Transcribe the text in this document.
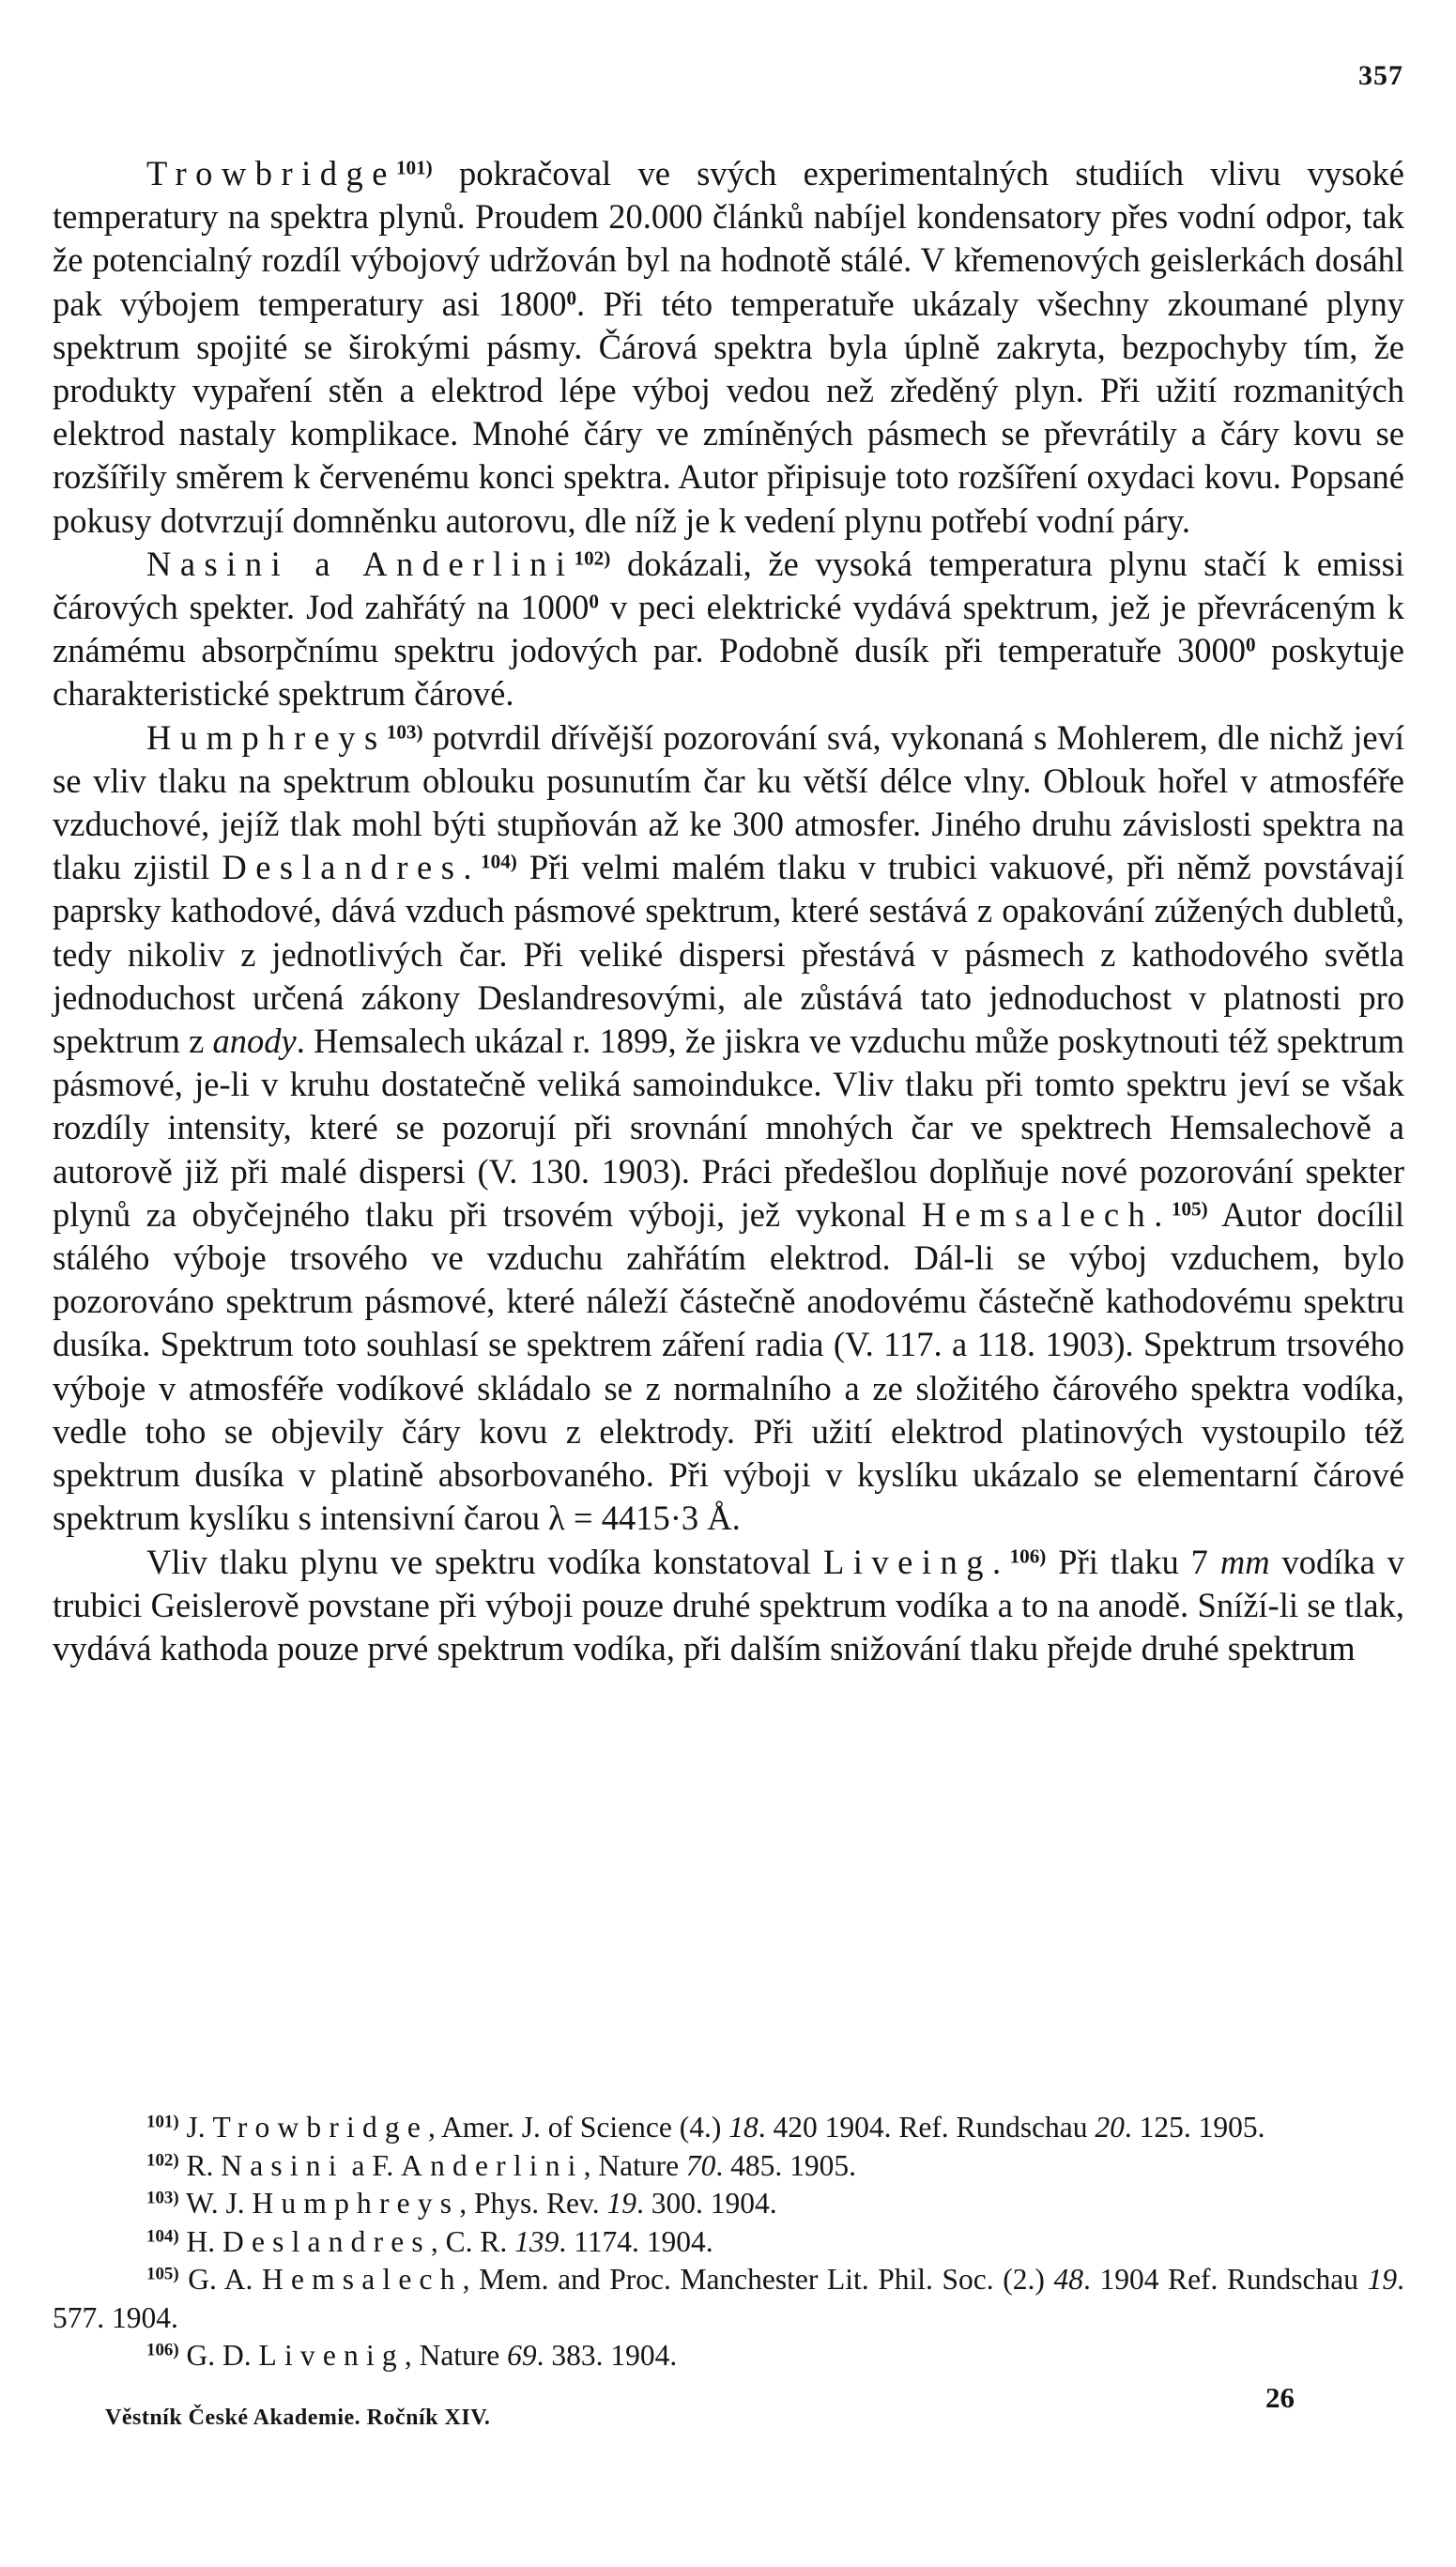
357

Trowbridge$^{101)}$ pokračoval ve svých experimentalných studiích vlivu vysoké temperatury na spektra plynů. Proudem 20.000 článků nabíjel kondensatory přes vodní odpor, tak že potencialný rozdíl výbojový udržován byl na hodnotě stálé. V křemenových geislerkách dosáhl pak výbojem temperatury asi 1800$^0$. Při této temperatuře ukázaly všechny zkoumané plyny spektrum spojité se širokými pásmy. Čárová spektra byla úplně zakryta, bezpochyby tím, že produkty vypaření stěn a elektrod lépe výboj vedou než zředěný plyn. Při užití rozmanitých elektrod nastaly komplikace. Mnohé čáry ve zmíněných pásmech se převrátily a čáry kovu se rozšířily směrem k červenému konci spektra. Autor připisuje toto rozšíření oxydaci kovu. Popsané pokusy dotvrzují domněnku autorovu, dle níž je k vedení plynu potřebí vodní páry.

Nasini a Anderlini$^{102)}$ dokázali, že vysoká temperatura plynu stačí k emissi čárových spekter. Jod zahřátý na 1000$^0$ v peci elektrické vydává spektrum, jež je převráceným k známému absorpčnímu spektru jodových par. Podobně dusík při temperatuře 3000$^0$ poskytuje charakteristické spektrum čárové.

Humphreys$^{103)}$ potvrdil dřívější pozorování svá, vykonaná s Mohlerem, dle nichž jeví se vliv tlaku na spektrum oblouku posunutím čar ku větší délce vlny. Oblouk hořel v atmosféře vzduchové, jejíž tlak mohl býti stupňován až ke 300 atmosfer. Jiného druhu závislosti spektra na tlaku zjistil Deslandres.$^{104)}$ Při velmi malém tlaku v trubici vakuové, při němž povstávají paprsky kathodové, dává vzduch pásmové spektrum, které sestává z opakování zúžených dubletů, tedy nikoliv z jednotlivých čar. Při veliké dispersi přestává v pásmech z kathodového světla jednoduchost určená zákony Deslandresovými, ale zůstává tato jednoduchost v platnosti pro spektrum z anody. Hemsalech ukázal r. 1899, že jiskra ve vzduchu může poskytnouti též spektrum pásmové, je-li v kruhu dostatečně veliká samoindukce. Vliv tlaku při tomto spektru jeví se však rozdíly intensity, které se pozorují při srovnání mnohých čar ve spektrech Hemsalechově a autorově již při malé dispersi (V. 130. 1903). Práci předešlou doplňuje nové pozorování spekter plynů za obyčejného tlaku při trsovém výboji, jež vykonal Hemsalech.$^{105)}$ Autor docílil stálého výboje trsového ve vzduchu zahřátím elektrod. Dál-li se výboj vzduchem, bylo pozorováno spektrum pásmové, které náleží částečně anodovému částečně kathodovému spektru dusíka. Spektrum toto souhlasí se spektrem záření radia (V. 117. a 118. 1903). Spektrum trsového výboje v atmosféře vodíkové skládalo se z normalního a ze složitého čárového spektra vodíka, vedle toho se objevily čáry kovu z elektrody. Při užití elektrod platinových vystoupilo též spektrum dusíka v platině absorbovaného. Při výboji v kyslíku ukázalo se elementarní čárové spektrum kyslíku s intensivní čarou λ = 4415·3 Å.

Vliv tlaku plynu ve spektru vodíka konstatoval Liveing.$^{106)}$ Při tlaku 7 mm vodíka v trubici Geislerově povstane při výboji pouze druhé spektrum vodíka a to na anodě. Sníží-li se tlak, vydává kathoda pouze prvé spektrum vodíka, při dalším snižování tlaku přejde druhé spektrum

$^{101)}$ J. Trowbridge, Amer. J. of Science (4.) 18. 420 1904. Ref. Rundschau 20. 125. 1905.

$^{102)}$ R. Nasini a F. Anderlini, Nature 70. 485. 1905.

$^{103)}$ W. J. Humphreys, Phys. Rev. 19. 300. 1904.

$^{104)}$ H. Deslandres, C. R. 139. 1174. 1904.

$^{105)}$ G. A. Hemsalech, Mem. and Proc. Manchester Lit. Phil. Soc. (2.) 48. 1904 Ref. Rundschau 19. 577. 1904.

$^{106)}$ G. D. Livenig, Nature 69. 383. 1904.

Věstník České Akademie. Ročník XIV.
26
